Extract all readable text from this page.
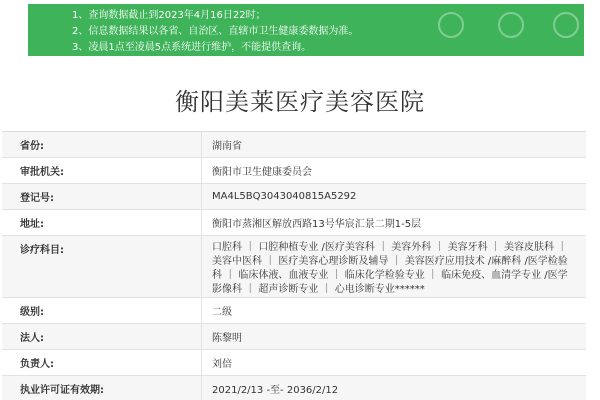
1、查询数据截止到2023年4月16日22时；
2、信息数据结果以各省、自治区、直辖市卫生健康委数据为准。
3、凌晨1点至凌晨5点系统进行维护，不能提供查询。
衡阳美莱医疗美容医院
省份:	湖南省
审批机关:	衡阳市卫生健康委员会
登记号:	MA4L5BQ3043040815A5292
地址:	衡阳市蒸湘区解放西路13号华宸汇景二期1-5层
诊疗科目:	口腔科 ｜ 口腔种植专业 /医疗美容科 ｜ 美容外科 ｜ 美容牙科 ｜ 美容皮肤科 ｜ 美容中医科 ｜ 医疗美容心理诊断及辅导 ｜ 美容医疗应用技术 /麻醉科 /医学检验科 ｜ 临床体液、血液专业 ｜ 临床化学检验专业 ｜ 临床免疫、血清学专业 /医学影像科 ｜ 超声诊断专业 ｜ 心电诊断专业******
级别:	二级
法人:	陈黎明
负责人:	刘倍
执业许可证有效期:	2021/2/13 -至- 2036/2/12
